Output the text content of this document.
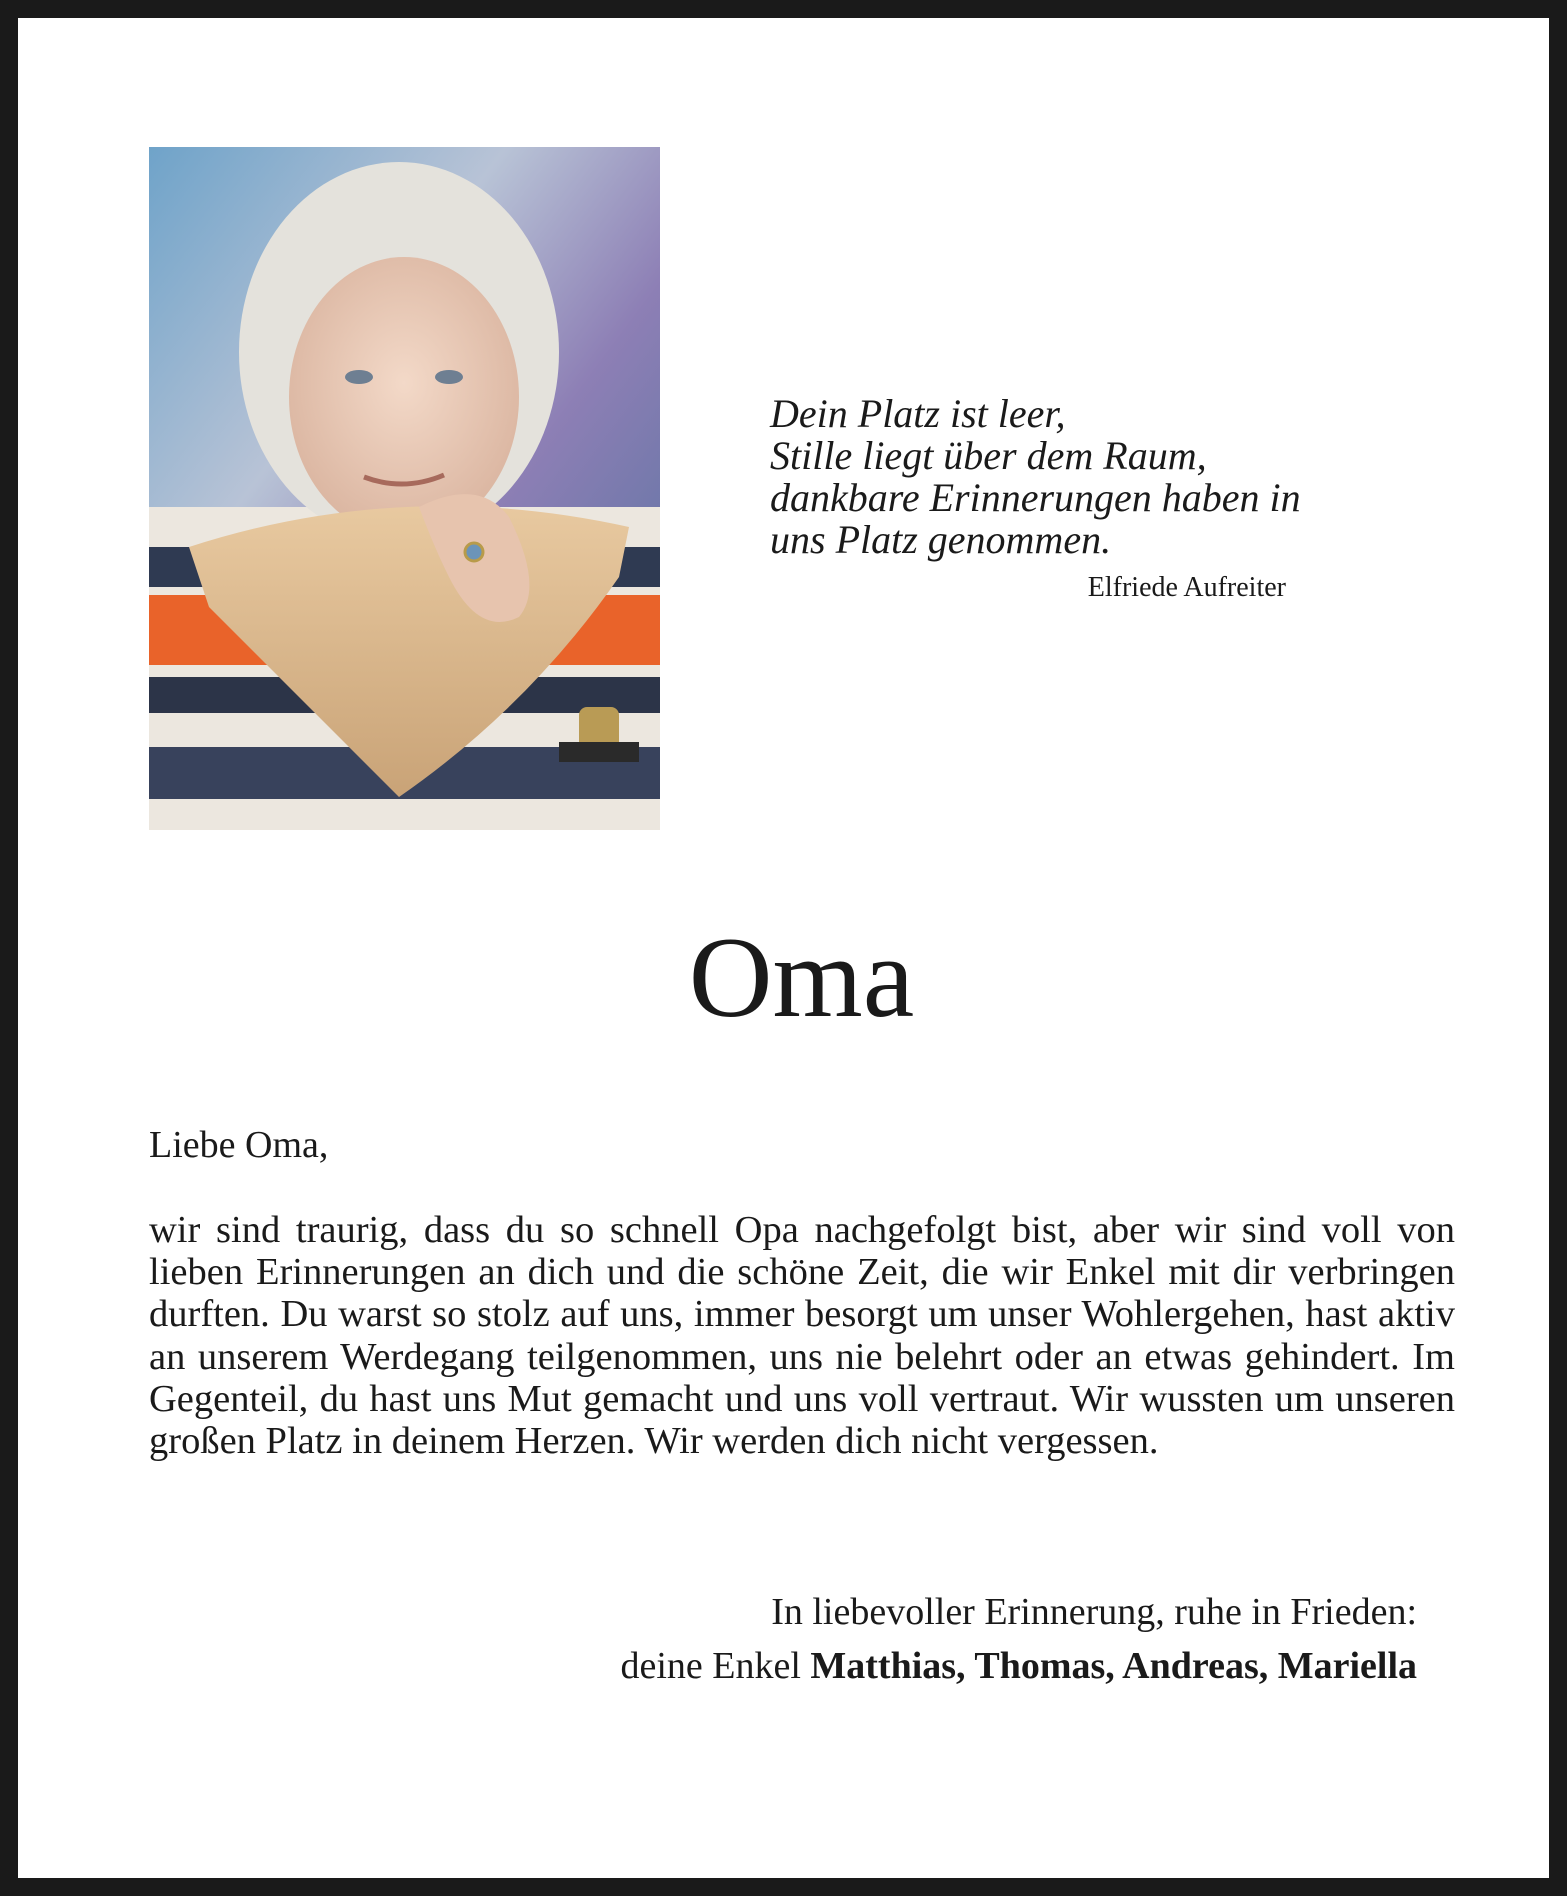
Dein Platz ist leer,
Stille liegt über dem Raum,
dankbare Erinnerungen haben in
uns Platz genommen.
Elfriede Aufreiter
Oma
Liebe Oma,

wir sind traurig, dass du so schnell Opa nachgefolgt bist, aber wir sind voll von lieben Erinnerungen an dich und die schöne Zeit, die wir Enkel mit dir verbringen durften. Du warst so stolz auf uns, immer besorgt um unser Wohlergehen, hast aktiv an unserem Werdegang teilgenommen, uns nie belehrt oder an etwas gehindert. Im Gegenteil, du hast uns Mut gemacht und uns voll vertraut. Wir wussten um unseren großen Platz in deinem Herzen. Wir werden dich nicht vergessen.

In liebevoller Erinnerung, ruhe in Frieden:
deine Enkel Matthias, Thomas, Andreas, Mariella
